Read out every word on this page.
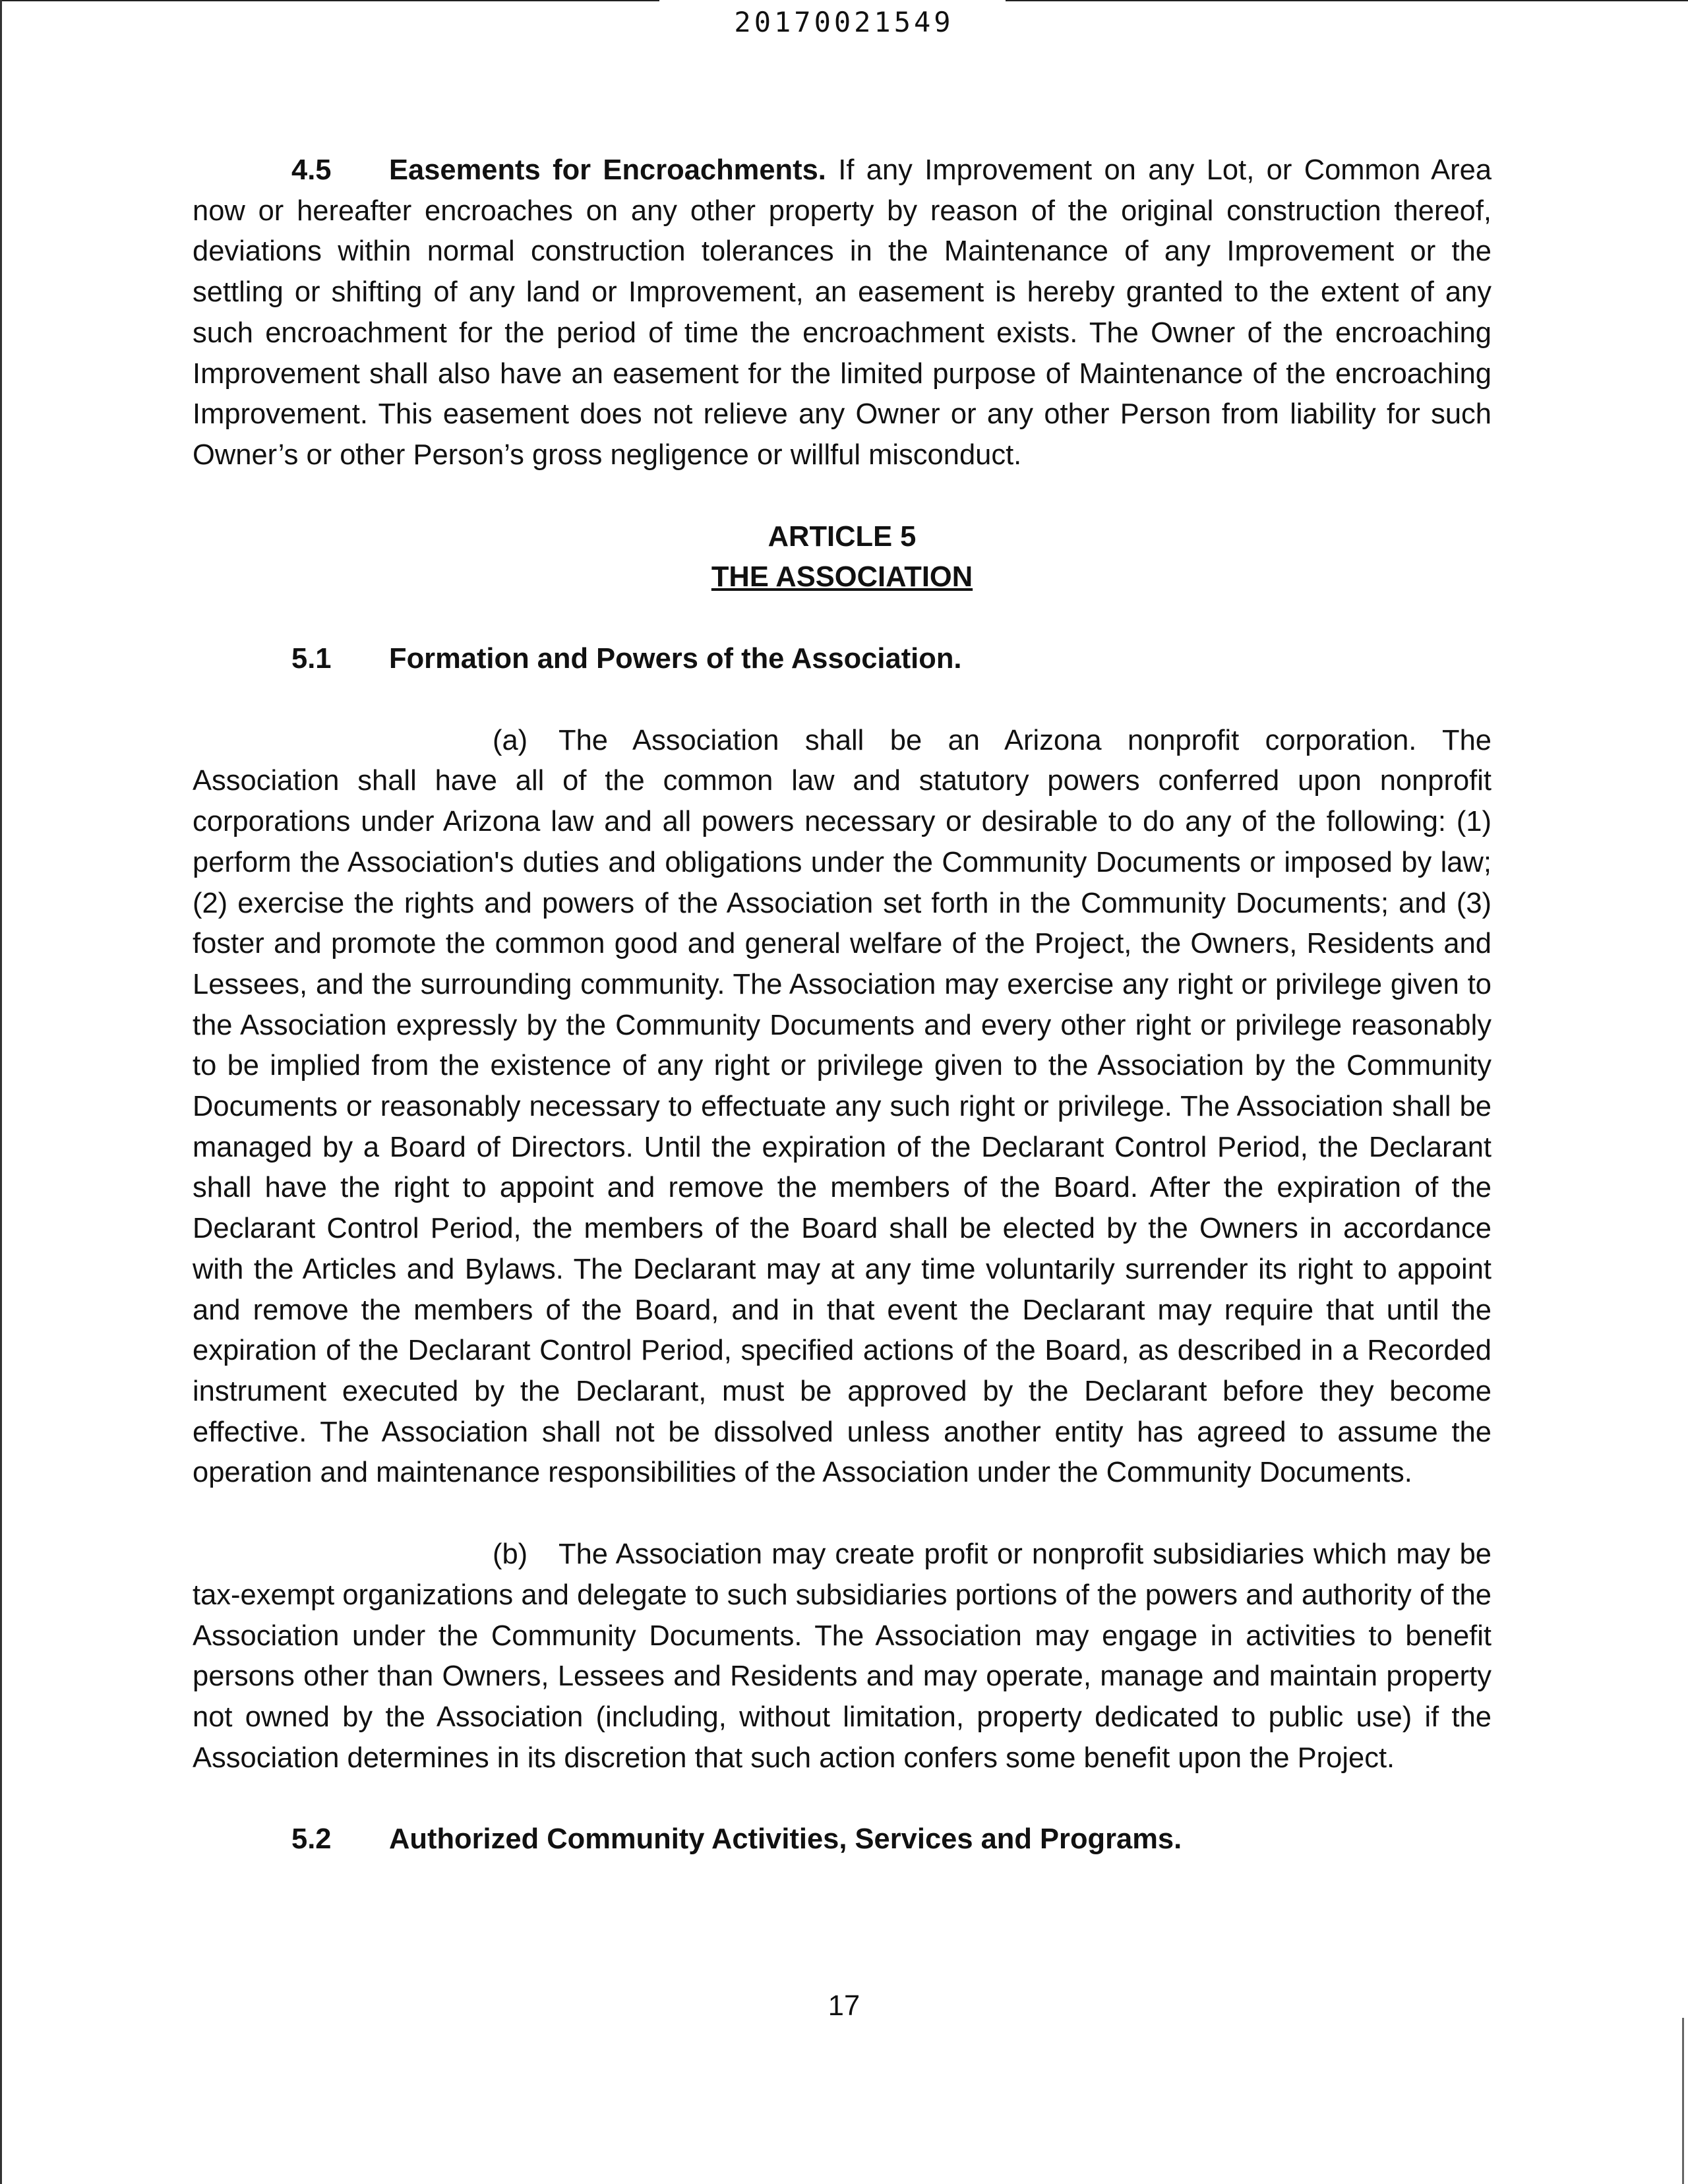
20170021549

4.5 Easements for Encroachments. If any Improvement on any Lot, or Common Area now or hereafter encroaches on any other property by reason of the original construction thereof, deviations within normal construction tolerances in the Maintenance of any Improvement or the settling or shifting of any land or Improvement, an easement is hereby granted to the extent of any such encroachment for the period of time the encroachment exists. The Owner of the encroaching Improvement shall also have an easement for the limited purpose of Maintenance of the encroaching Improvement. This easement does not relieve any Owner or any other Person from liability for such Owner’s or other Person’s gross negligence or willful misconduct.

ARTICLE 5

THE ASSOCIATION

5.1 Formation and Powers of the Association.

(a) The Association shall be an Arizona nonprofit corporation. The Association shall have all of the common law and statutory powers conferred upon nonprofit corporations under Arizona law and all powers necessary or desirable to do any of the following: (1) perform the Association's duties and obligations under the Community Documents or imposed by law; (2) exercise the rights and powers of the Association set forth in the Community Documents; and (3) foster and promote the common good and general welfare of the Project, the Owners, Residents and Lessees, and the surrounding community. The Association may exercise any right or privilege given to the Association expressly by the Community Documents and every other right or privilege reasonably to be implied from the existence of any right or privilege given to the Association by the Community Documents or reasonably necessary to effectuate any such right or privilege. The Association shall be managed by a Board of Directors. Until the expiration of the Declarant Control Period, the Declarant shall have the right to appoint and remove the members of the Board. After the expiration of the Declarant Control Period, the members of the Board shall be elected by the Owners in accordance with the Articles and Bylaws. The Declarant may at any time voluntarily surrender its right to appoint and remove the members of the Board, and in that event the Declarant may require that until the expiration of the Declarant Control Period, specified actions of the Board, as described in a Recorded instrument executed by the Declarant, must be approved by the Declarant before they become effective. The Association shall not be dissolved unless another entity has agreed to assume the operation and maintenance responsibilities of the Association under the Community Documents.

(b) The Association may create profit or nonprofit subsidiaries which may be tax-exempt organizations and delegate to such subsidiaries portions of the powers and authority of the Association under the Community Documents. The Association may engage in activities to benefit persons other than Owners, Lessees and Residents and may operate, manage and maintain property not owned by the Association (including, without limitation, property dedicated to public use) if the Association determines in its discretion that such action confers some benefit upon the Project.

5.2 Authorized Community Activities, Services and Programs.

17
